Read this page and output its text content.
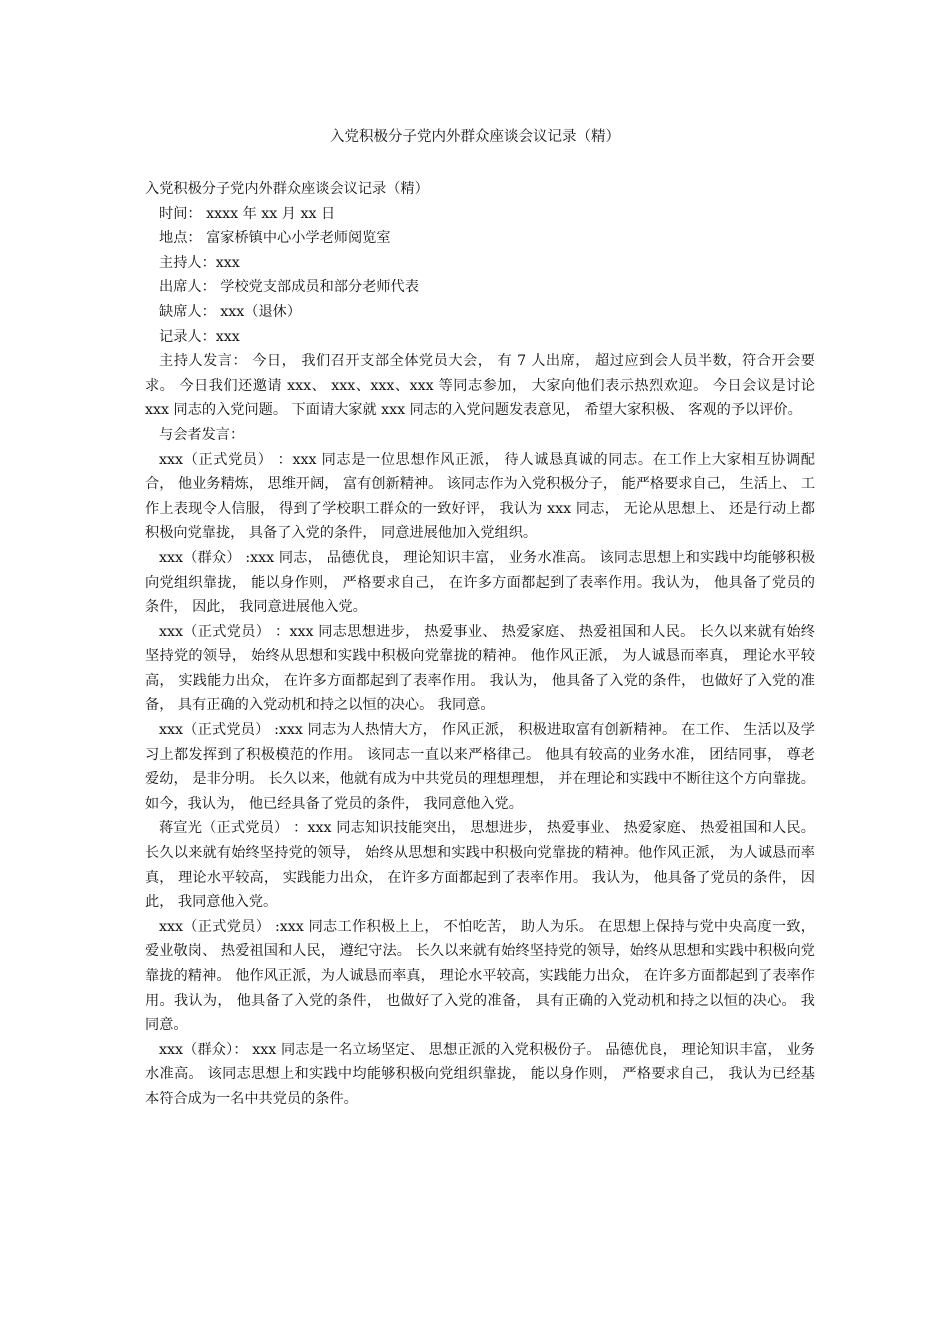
入党积极分子党内外群众座谈会议记录（精）

入党积极分子党内外群众座谈会议记录（精）

时间： xxxx 年 xx 月 xx 日

地点： 富家桥镇中心小学老师阅览室

主持人：xxx

出席人： 学校党支部成员和部分老师代表

缺席人： xxx（退休）

记录人：xxx

主持人发言： 今日， 我们召开支部全体党员大会， 有 7 人出席， 超过应到会人员半数，符合开会要求。 今日我们还邀请 xxx、 xxx、xxx、xxx 等同志参加， 大家向他们表示热烈欢迎。 今日会议是讨论 xxx 同志的入党问题。 下面请大家就 xxx 同志的入党问题发表意见， 希望大家积极、 客观的予以评价。

与会者发言：

xxx（正式党员） ：xxx 同志是一位思想作风正派， 待人诚恳真诚的同志。在工作上大家相互协调配合， 他业务精炼， 思维开阔， 富有创新精神。 该同志作为入党积极分子， 能严格要求自己， 生活上、 工作上表现令人信服， 得到了学校职工群众的一致好评， 我认为 xxx 同志， 无论从思想上、 还是行动上都积极向党靠拢， 具备了入党的条件， 同意进展他加入党组织。

xxx（群众） :xxx 同志， 品德优良， 理论知识丰富， 业务水准高。 该同志思想上和实践中均能够积极向党组织靠拢， 能以身作则， 严格要求自己， 在许多方面都起到了表率作用。我认为， 他具备了党员的条件， 因此， 我同意进展他入党。

xxx（正式党员） ：xxx 同志思想进步， 热爱事业、 热爱家庭、 热爱祖国和人民。 长久以来就有始终坚持党的领导， 始终从思想和实践中积极向党靠拢的精神。 他作风正派， 为人诚恳而率真， 理论水平较高， 实践能力出众， 在许多方面都起到了表率作用。 我认为， 他具备了入党的条件， 也做好了入党的准备， 具有正确的入党动机和持之以恒的决心。 我同意。

xxx（正式党员） :xxx 同志为人热情大方， 作风正派， 积极进取富有创新精神。 在工作、 生活以及学习上都发挥到了积极模范的作用。 该同志一直以来严格律己。 他具有较高的业务水准， 团结同事， 尊老爱幼， 是非分明。 长久以来，他就有成为中共党员的理想理想， 并在理论和实践中不断往这个方向靠拢。如今，我认为， 他已经具备了党员的条件， 我同意他入党。

蒋宣光（正式党员） ：xxx 同志知识技能突出， 思想进步， 热爱事业、 热爱家庭、 热爱祖国和人民。 长久以来就有始终坚持党的领导， 始终从思想和实践中积极向党靠拢的精神。他作风正派， 为人诚恳而率真， 理论水平较高， 实践能力出众， 在许多方面都起到了表率作用。 我认为， 他具备了党员的条件， 因此， 我同意他入党。

xxx（正式党员） :xxx 同志工作积极上上， 不怕吃苦， 助人为乐。 在思想上保持与党中央高度一致， 爱业敬岗、 热爱祖国和人民， 遵纪守法。 长久以来就有始终坚持党的领导，始终从思想和实践中积极向党靠拢的精神。 他作风正派，为人诚恳而率真， 理论水平较高，实践能力出众， 在许多方面都起到了表率作用。我认为， 他具备了入党的条件， 也做好了入党的准备， 具有正确的入党动机和持之以恒的决心。 我同意。

xxx（群众）： xxx 同志是一名立场坚定、 思想正派的入党积极份子。 品德优良， 理论知识丰富， 业务水准高。 该同志思想上和实践中均能够积极向党组织靠拢， 能以身作则， 严格要求自己， 我认为已经基本符合成为一名中共党员的条件。
